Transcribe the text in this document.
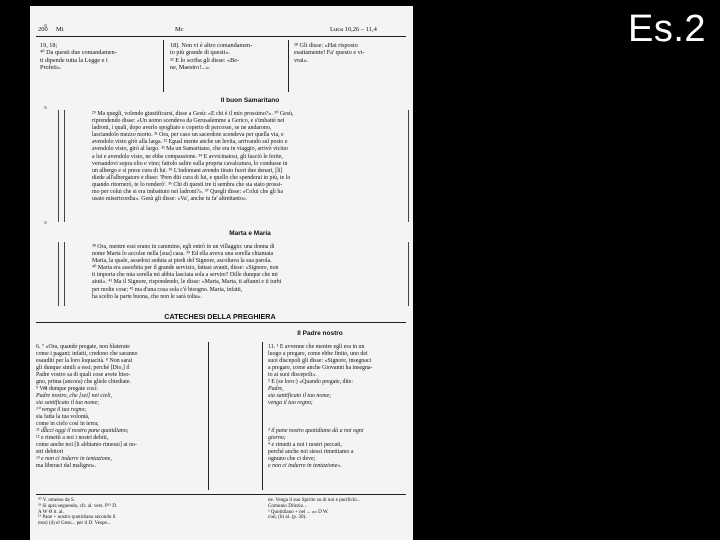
Es.2
200 Mt	Mc	Luca 10,26 – 11,4

19, 18;

⁴⁰ Da questi due comandamen-

ti dipende tutta la Legge e i

Profeti».

18). Non vi è altro comandamen-

to più grande di questi».

³² E lo scriba gli disse: «Be-

ne, Maestro!...».

²⁸ Gli disse: «Hai risposto

esattamente! Fa' questo e vi-

vrai».

Il buon Samaritano

²⁹ Ma quegli, volendo giustificarsi, disse a Gesù: «E chi è il mio prossimo?». ³⁰ Gesù,

riprendendo disse: «Un uomo scendeva da Gerusalemme a Gerico, e s'imbatté nei

ladroni, i quali, dopo averlo spogliato e coperto di percosse, se ne andarono,

lasciandolo mezzo morto. ³¹ Ora, per caso un sacerdote scendeva per quella via, e

avendolo visto girò alla larga. ³² Egual mente anche un levita, arrivando sul posto e

avendolo visto, girò al largo. ³³ Ma un Samaritano, che era in viaggio, arrivò vicino

a lui e avendolo visto, ne ebbe compassione. ³⁴ E avvicinatosi, gli fasciò le ferite,

versandovi sopra olio e vino; fattolo salire sulla propria cavalcatura, lo condusse in

un albergo e si prese cura di lui. ³⁵ L'indomani avendo tirato fuori due denari, [li]

diede all'albergatore e disse: 'Pren diti cura di lui, e quello che spenderai in più, te lo

quando ritornerò, te lo renderò'. ³⁶ Chi di questi tre ti sembra che sia stato prossi-

mo per colui che si era imbattuto nei ladroni?». ³⁷ Quegli disse: «Colui che gli ha

usato misericordia». Gesù gli disse: «Va', anche tu fa' altrettanto».

Marta e Maria

³⁸ Ora, mentre essi erano in cammino, egli entrò in un villaggio: una donna di

nome Marta lo accolse nella [sua] casa. ³⁹ Ed ella aveva una sorella chiamata

Maria, la quale, assedosi seduta ai piedi del Signore, ascoltava la sua parola.

⁴⁰ Marta era assorbita per il grande servizio, fattasi avanti, disse: «Signore, non

ti importa che mia sorella mi abbia lasciata sola a servire? Dille dunque che mi

aiuti». ⁴¹ Ma il Signore, rispondendo, le disse: «Marta, Marta, ti affanni e ti turbi

per molte cose; ⁴² ma d'una cosa sola c'è bisogno. Maria, infatti,

ha scelto la parte buona, che non le sarà tolta».

CATECHESI DELLA PREGHIERA
Il Padre nostro

6. ⁷ «Ora, quando pregate, non blaterate

come i pagani; infatti, credono che saranno

esauditi per la loro loquacità. ⁸ Non sarai

gli dunque simili a essi; perché [Dio,] il

Padre vostro sa di quali cose avete biso-

gno, prima (ancora) che gliele chiediate.

⁹ Voi dunque pregate così:

Padre nostro, che [sei] nei cieli,

sia santificato il tuo nome;

¹⁰ venga il tuo regno;

sia fatta la tua volontà,

come in cielo così in terra;

¹¹ dacci oggi il nostro pane quotidiano;

¹² e rimetti a noi i nostri debiti,

come anche noi [li abbiamo rimessi] ai no-

stri debitori

¹³ e non ci indurre in tentazione,

ma liberaci dal maligno».

11. ¹ E avvenne che mentre egli era in un

luogo a pregare, come ebbe finito, uno dei

suoi discepoli gli disse: «Signore, insegnaci

a pregare, come anche Giovanni ha insegna-

to ai suoi discepoli».

² E (se loro:) «Quando pregate, dite:

Padre,

sia santificato il tuo nome;

venga il tuo regno;

³ il pane nostro quotidiano dà a noi ogni

giorno;

⁴ e rimetti a noi i nostri peccati,

perché anche noi stessi rimettiamo a

ognuno che ci deve;

e non ci indurre in tentazione».

³⁰ V. omesso da S.

³¹ Si apra seguendo, cfr. al. vers. P⁵¹ D.

A W Θ it. al.

¹² Pane + nostro quotidiano secondo il

mss) (d) el Gesu... per il D. Vespe...

ne. Venga il suo Spirito su di noi e purifichi...

Comunio Dilezio...

³ Quotidiano + nel ... «» D W.

ciul, (b) al. (p. 30).
